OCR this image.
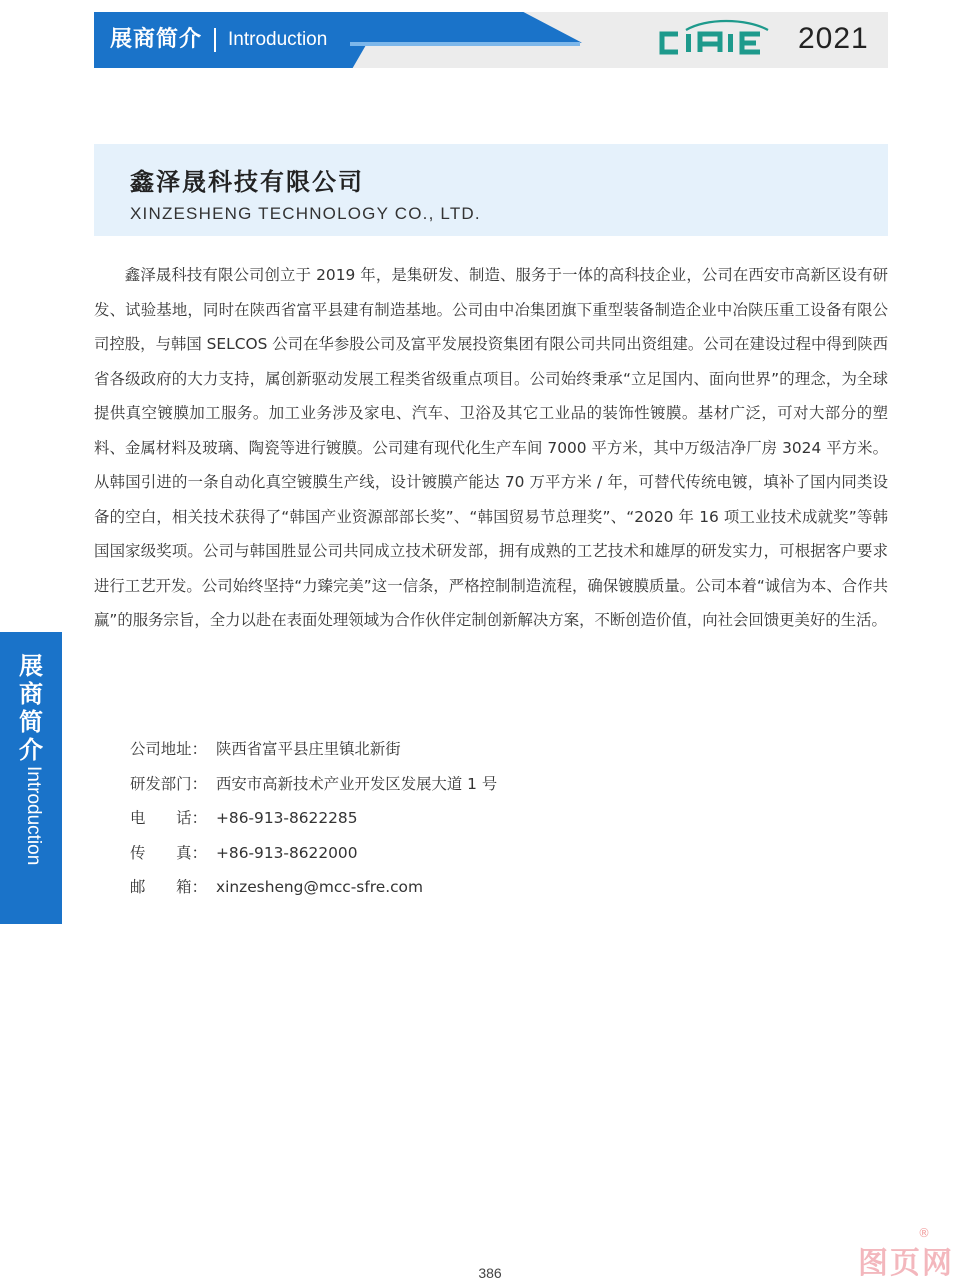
展商简介 Introduction	2021
鑫泽晟科技有限公司
XINZESHENG TECHNOLOGY CO., LTD.

鑫泽晟科技有限公司创立于 2019 年，是集研发、制造、服务于一体的高科技企业，公司在西安市高新区设有研发、试验基地，同时在陕西省富平县建有制造基地。公司由中冶集团旗下重型装备制造企业中冶陕压重工设备有限公司控股，与韩国 SELCOS 公司在华参股公司及富平发展投资集团有限公司共同出资组建。公司在建设过程中得到陕西省各级政府的大力支持，属创新驱动发展工程类省级重点项目。公司始终秉承“立足国内、面向世界”的理念，为全球提供真空镀膜加工服务。加工业务涉及家电、汽车、卫浴及其它工业品的装饰性镀膜。基材广泛，可对大部分的塑料、金属材料及玻璃、陶瓷等进行镀膜。公司建有现代化生产车间 7000 平方米，其中万级洁净厂房 3024 平方米。从韩国引进的一条自动化真空镀膜生产线，设计镀膜产能达 70 万平方米 / 年，可替代传统电镀，填补了国内同类设备的空白，相关技术获得了“韩国产业资源部部长奖”、“韩国贸易节总理奖”、“2020 年 16 项工业技术成就奖”等韩国国家级奖项。公司与韩国胜显公司共同成立技术研发部，拥有成熟的工艺技术和雄厚的研发实力，可根据客户要求进行工艺开发。公司始终坚持“力臻完美”这一信条，严格控制制造流程，确保镀膜质量。公司本着“诚信为本、合作共赢”的服务宗旨，全力以赴在表面处理领域为合作伙伴定制创新解决方案，不断创造价值，向社会回馈更美好的生活。

公司地址： 陕西省富平县庄里镇北新街
研发部门： 西安市高新技术产业开发区发展大道 1 号
电　　话： +86-913-8622285
传　　真： +86-913-8622000
邮　　箱： xinzesheng@mcc-sfre.com
展
商
简
介
Introduction
386	图页网
®
